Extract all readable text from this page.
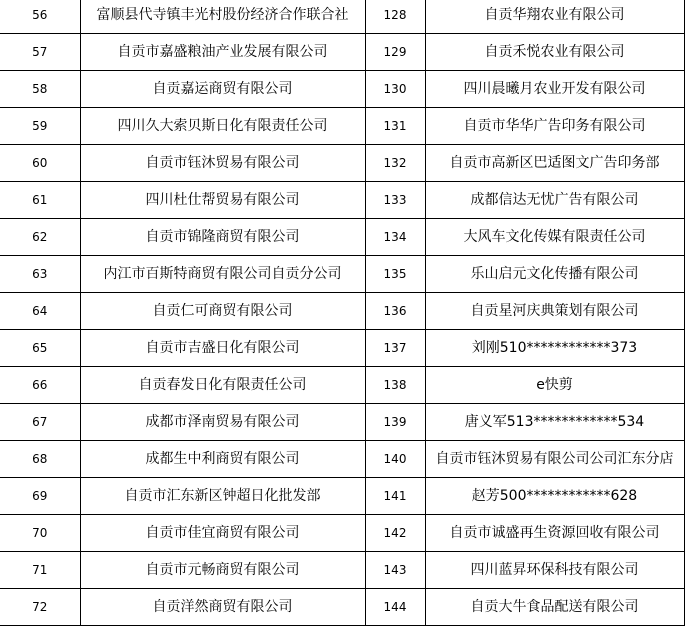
56	富顺县代寺镇丰光村股份经济合作联合社	128	自贡华翔农业有限公司
57	自贡市嘉盛粮油产业发展有限公司	129	自贡禾悦农业有限公司
58	自贡嘉运商贸有限公司	130	四川晨曦月农业开发有限公司
59	四川久大索贝斯日化有限责任公司	131	自贡市华华广告印务有限公司
60	自贡市钰沐贸易有限公司	132	自贡市高新区巴适图文广告印务部
61	四川杜仕帮贸易有限公司	133	成都信达无忧广告有限公司
62	自贡市锦隆商贸有限公司	134	大风车文化传媒有限责任公司
63	内江市百斯特商贸有限公司自贡分公司	135	乐山启元文化传播有限公司
64	自贡仁可商贸有限公司	136	自贡星河庆典策划有限公司
65	自贡市吉盛日化有限公司	137	刘刚510************373
66	自贡春发日化有限责任公司	138	e快剪
67	成都市泽南贸易有限公司	139	唐义军513************534
68	成都生中利商贸有限公司	140	自贡市钰沐贸易有限公司公司汇东分店
69	自贡市汇东新区钟超日化批发部	141	赵芳500************628
70	自贡市佳宜商贸有限公司	142	自贡市诚盛再生资源回收有限公司
71	自贡市元畅商贸有限公司	143	四川蓝昇环保科技有限公司
72	自贡洋然商贸有限公司	144	自贡大牛食品配送有限公司
